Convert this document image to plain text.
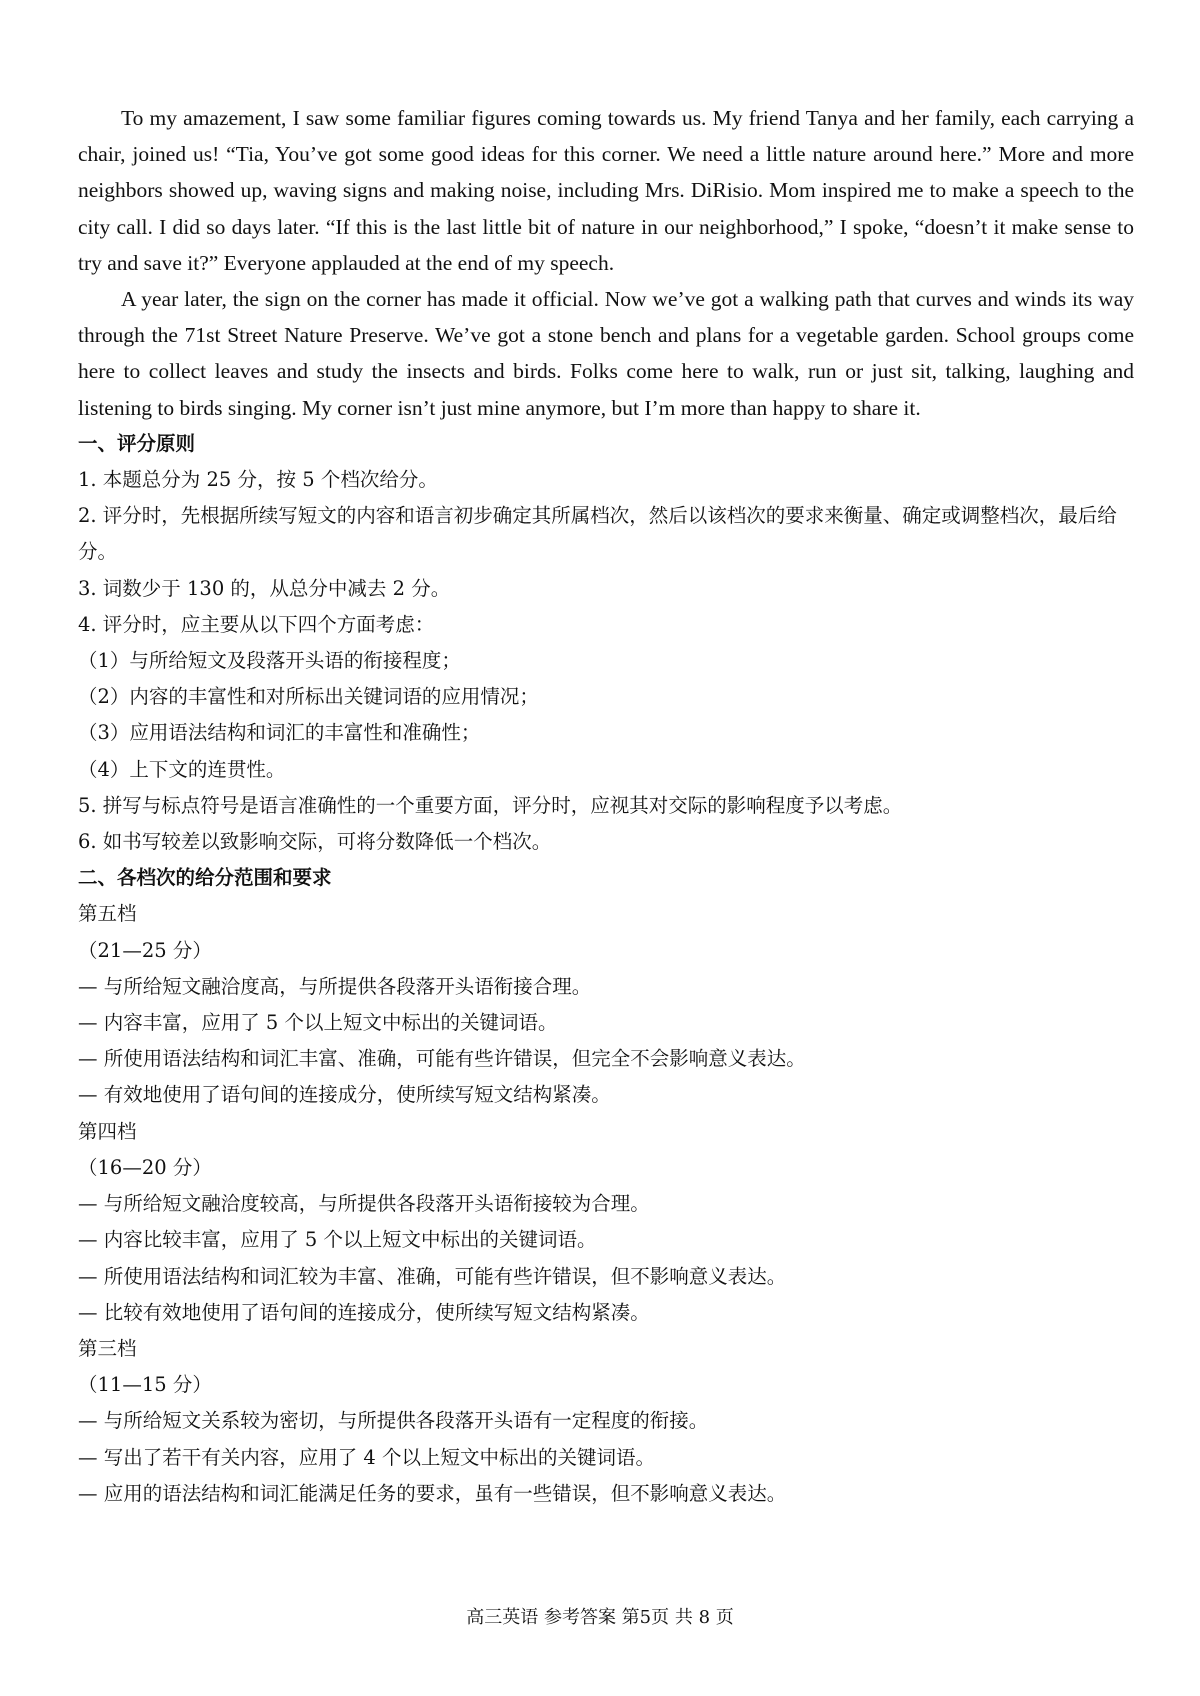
To my amazement, I saw some familiar figures coming towards us. My friend Tanya and her family, each carrying a chair, joined us! “Tia, You’ve got some good ideas for this corner. We need a little nature around here.” More and more neighbors showed up, waving signs and making noise, including Mrs. DiRisio. Mom inspired me to make a speech to the city call. I did so days later. “If this is the last little bit of nature in our neighborhood,” I spoke, “doesn’t it make sense to try and save it?” Everyone applauded at the end of my speech.

A year later, the sign on the corner has made it official. Now we’ve got a walking path that curves and winds its way through the 71st Street Nature Preserve. We’ve got a stone bench and plans for a vegetable garden. School groups come here to collect leaves and study the insects and birds. Folks come here to walk, run or just sit, talking, laughing and listening to birds singing. My corner isn’t just mine anymore, but I’m more than happy to share it.

一、评分原则

1. 本题总分为 25 分，按 5 个档次给分。

2. 评分时，先根据所续写短文的内容和语言初步确定其所属档次，然后以该档次的要求来衡量、确定或调整档次，最后给分。

3. 词数少于 130 的，从总分中减去 2 分。

4. 评分时，应主要从以下四个方面考虑：

（1）与所给短文及段落开头语的衔接程度；

（2）内容的丰富性和对所标出关键词语的应用情况；

（3）应用语法结构和词汇的丰富性和准确性；

（4）上下文的连贯性。

5. 拼写与标点符号是语言准确性的一个重要方面，评分时，应视其对交际的影响程度予以考虑。

6. 如书写较差以致影响交际，可将分数降低一个档次。

二、各档次的给分范围和要求

第五档

（21—25 分）

— 与所给短文融洽度高，与所提供各段落开头语衔接合理。

— 内容丰富，应用了 5 个以上短文中标出的关键词语。

— 所使用语法结构和词汇丰富、准确，可能有些许错误，但完全不会影响意义表达。

— 有效地使用了语句间的连接成分，使所续写短文结构紧凑。

第四档

（16—20 分）

— 与所给短文融洽度较高，与所提供各段落开头语衔接较为合理。

— 内容比较丰富，应用了 5 个以上短文中标出的关键词语。

— 所使用语法结构和词汇较为丰富、准确，可能有些许错误，但不影响意义表达。

— 比较有效地使用了语句间的连接成分，使所续写短文结构紧凑。

第三档

（11—15 分）

— 与所给短文关系较为密切，与所提供各段落开头语有一定程度的衔接。

— 写出了若干有关内容，应用了 4 个以上短文中标出的关键词语。

— 应用的语法结构和词汇能满足任务的要求，虽有一些错误，但不影响意义表达。

高三英语 参考答案 第5页 共 8 页
